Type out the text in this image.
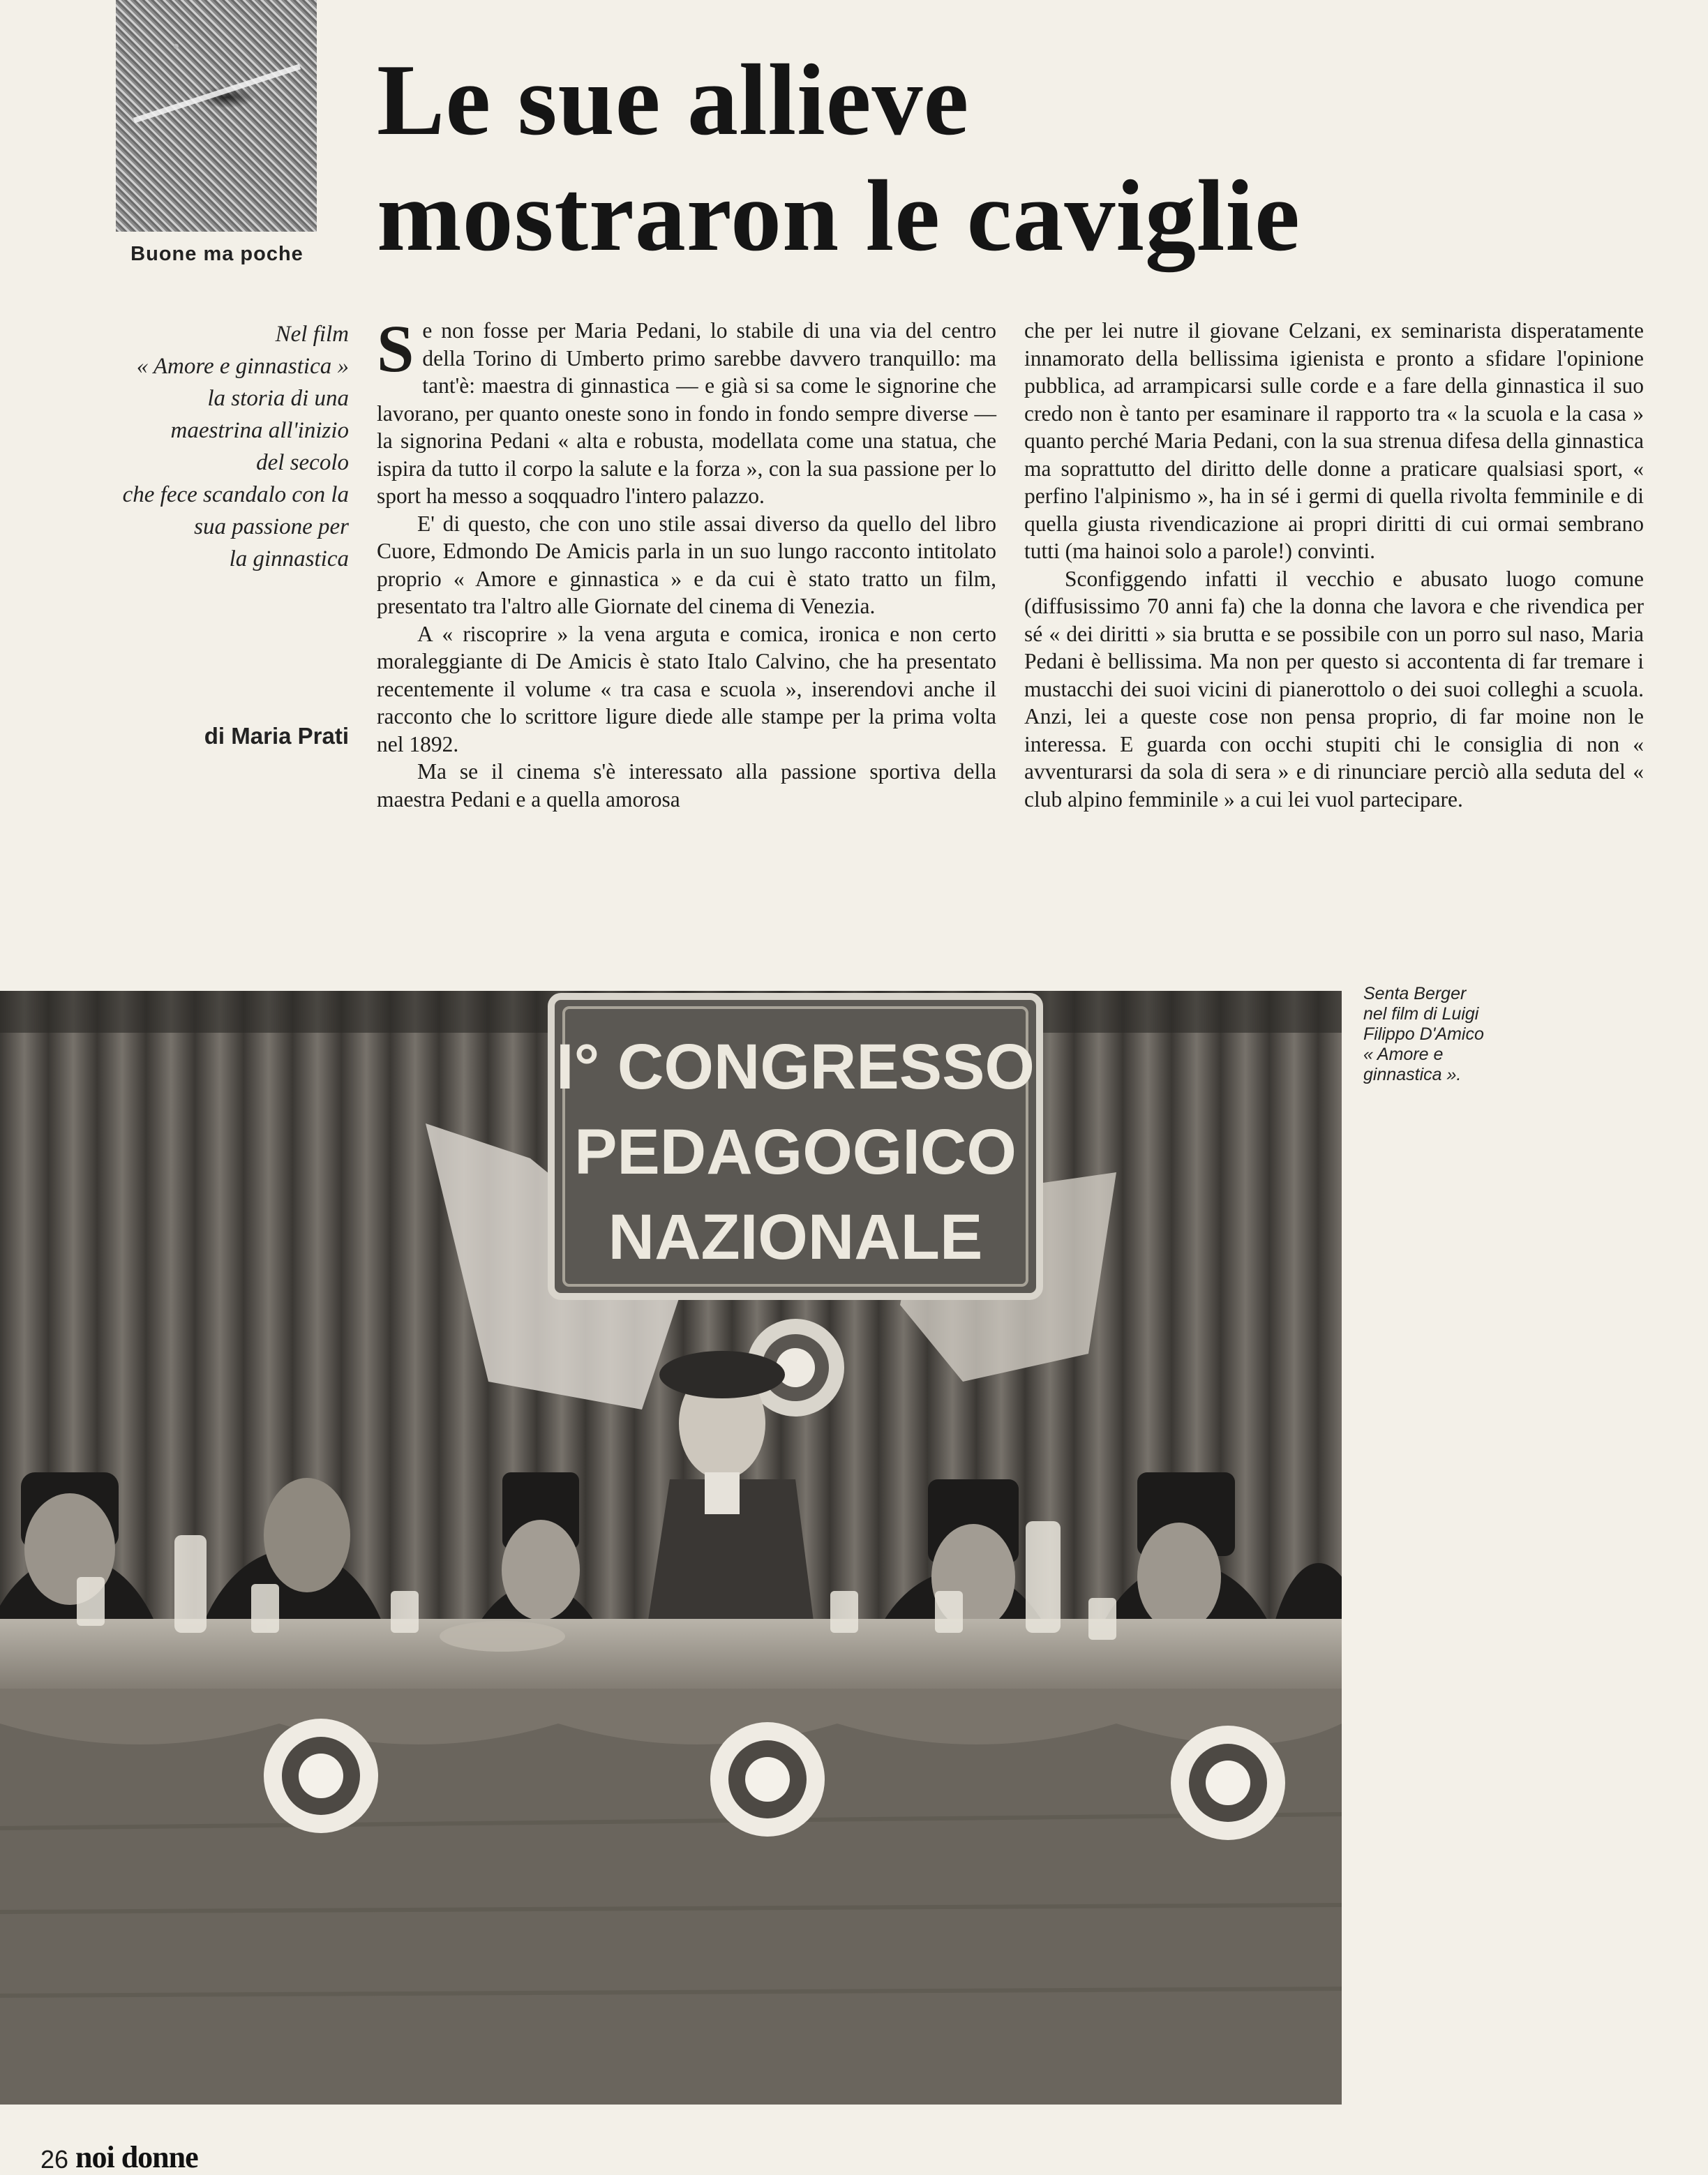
Buone ma poche
Le sue allieve
mostraron le caviglie
Nel film
« Amore e ginnastica »
la storia di una
maestrina all'inizio
del secolo
che fece scandalo con la
sua passione per
la ginnastica
di Maria Prati

Se non fosse per Maria Pedani, lo stabile di una via del centro della Torino di Umberto primo sarebbe davvero tranquillo: ma tant'è: maestra di ginnastica — e già si sa come le signorine che lavorano, per quanto oneste sono in fondo in fondo sempre diverse — la signorina Pedani « alta e robusta, modellata come una statua, che ispira da tutto il corpo la salute e la forza », con la sua passione per lo sport ha messo a soqquadro l'intero palazzo.

E' di questo, che con uno stile assai diverso da quello del libro Cuore, Edmondo De Amicis parla in un suo lungo racconto intitolato proprio « Amore e ginnastica » e da cui è stato tratto un film, presentato tra l'altro alle Giornate del cinema di Venezia.

A « riscoprire » la vena arguta e comica, ironica e non certo moraleggiante di De Amicis è stato Italo Calvino, che ha presentato recentemente il volume « tra casa e scuola », inserendovi anche il racconto che lo scrittore ligure diede alle stampe per la prima volta nel 1892.

Ma se il cinema s'è interessato alla passione sportiva della maestra Pedani e a quella amorosa

che per lei nutre il giovane Celzani, ex seminarista disperatamente innamorato della bellissima igienista e pronto a sfidare l'opinione pubblica, ad arrampicarsi sulle corde e a fare della ginnastica il suo credo non è tanto per esaminare il rapporto tra « la scuola e la casa » quanto perché Maria Pedani, con la sua strenua difesa della ginnastica ma soprattutto del diritto delle donne a praticare qualsiasi sport, « perfino l'alpinismo », ha in sé i germi di quella rivolta femminile e di quella giusta rivendicazione ai propri diritti di cui ormai sembrano tutti (ma hainoi solo a parole!) convinti.

Sconfiggendo infatti il vecchio e abusato luogo comune (diffusissimo 70 anni fa) che la donna che lavora e che rivendica per sé « dei diritti » sia brutta e se possibile con un porro sul naso, Maria Pedani è bellissima. Ma non per questo si accontenta di far tremare i mustacchi dei suoi vicini di pianerottolo o dei suoi colleghi a scuola. Anzi, lei a queste cose non pensa proprio, di far moine non le interessa. E guarda con occhi stupiti chi le consiglia di non « avventurarsi da sola di sera » e di rinunciare perciò alla seduta del « club alpino femminile » a cui lei vuol partecipare.

I° CONGRESSO
PEDAGOGICO
NAZIONALE
Senta Berger
nel film di Luigi
Filippo D'Amico
« Amore e
ginnastica ».
26 noi donne
